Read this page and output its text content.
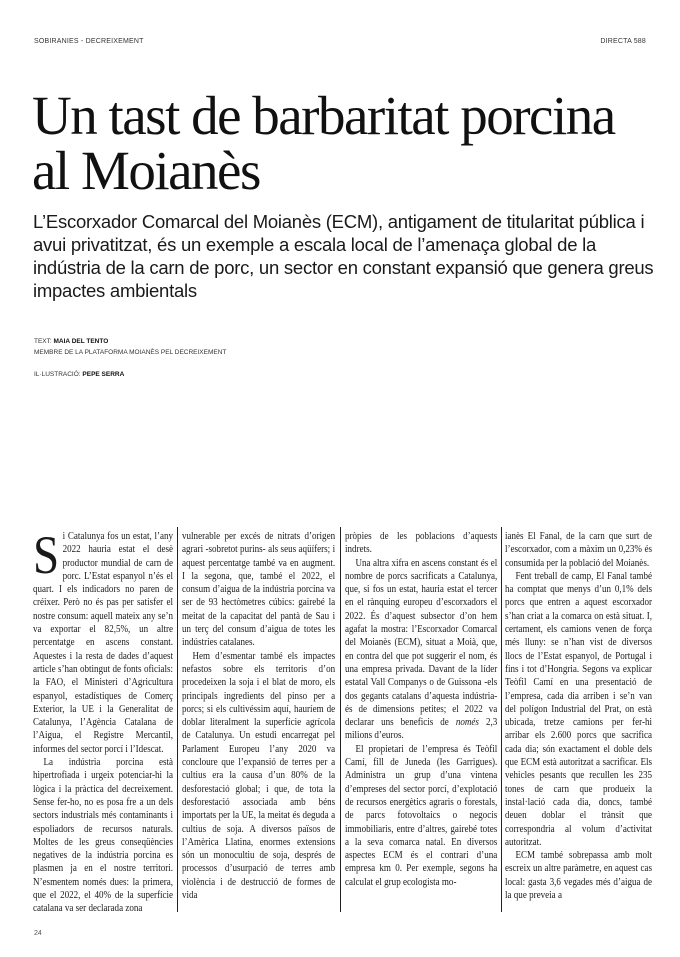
SOBIRANIES - DECREIXEMENT	DIRECTA 588
Un tast de barbaritat porcina al Moianès

L’Escorxador Comarcal del Moianès (ECM), antigament de titularitat pública i avui privatitzat, és un exemple a escala local de l’amenaça global de la indústria de la carn de porc, un sector en constant expansió que genera greus impactes ambientals

TEXT: MAIA DEL TENTO
MEMBRE DE LA PLATAFORMA MOIANÈS PEL DECREIXEMENT
IL·LUSTRACIÓ: PEPE SERRA

Si Catalunya fos un estat, l’any 2022 hauria estat el desè productor mundial de carn de porc. L’Estat espanyol n’és el quart. I els indicadors no paren de créixer. Però no és pas per satisfer el nostre consum: aquell mateix any se’n va exportar el 82,5%, un altre percentatge en ascens constant. Aquestes i la resta de dades d’aquest article s’han obtingut de fonts oficials: la FAO, el Ministeri d’Agricultura espanyol, estadístiques de Comerç Exterior, la UE i la Generalitat de Catalunya, l’Agència Catalana de l’Aigua, el Registre Mercantil, informes del sector porcí i l’Idescat.

La indústria porcina està hipertrofiada i urgeix potenciar-hi la lògica i la pràctica del decreixement. Sense fer-ho, no es posa fre a un dels sectors industrials més contaminants i espoliadors de recursos naturals. Moltes de les greus conseqüències negatives de la indústria porcina es plasmen ja en el nostre territori. N’esmentem només dues: la primera, que el 2022, el 40% de la superfície catalana va ser declarada zona

vulnerable per excés de nitrats d’origen agrari -sobretot purins- als seus aqüífers; i aquest percentatge també va en augment. I la segona, que, també el 2022, el consum d’aigua de la indústria porcina va ser de 93 hectòmetres cúbics: gairebé la meitat de la capacitat del pantà de Sau i un terç del consum d’aigua de totes les indústries catalanes.

Hem d’esmentar també els impactes nefastos sobre els territoris d’on procedeixen la soja i el blat de moro, els principals ingredients del pinso per a porcs; si els cultivéssim aquí, hauríem de doblar literalment la superfície agrícola de Catalunya. Un estudi encarregat pel Parlament Europeu l’any 2020 va concloure que l’expansió de terres per a cultius era la causa d’un 80% de la desforestació global; i que, de tota la desforestació associada amb béns importats per la UE, la meitat és deguda a cultius de soja. A diversos països de l’Amèrica Llatina, enormes extensions són un monocultiu de soja, després de processos d’usurpació de terres amb violència i de destrucció de formes de vida

pròpies de les poblacions d’aquests indrets.

Una altra xifra en ascens constant és el nombre de porcs sacrificats a Catalunya, que, si fos un estat, hauria estat el tercer en el rànquing europeu d’escorxadors el 2022. És d’aquest subsector d’on hem agafat la mostra: l’Escorxador Comarcal del Moianès (ECM), situat a Moià, que, en contra del que pot suggerir el nom, és una empresa privada. Davant de la líder estatal Vall Companys o de Guissona -els dos gegants catalans d’aquesta indústria- és de dimensions petites; el 2022 va declarar uns beneficis de només 2,3 milions d’euros.

El propietari de l’empresa és Teòfil Camí, fill de Juneda (les Garrigues). Administra un grup d’una vintena d’empreses del sector porcí, d’explotació de recursos energètics agraris o forestals, de parcs fotovoltaics o negocis immobiliaris, entre d’altres, gairebé totes a la seva comarca natal. En diversos aspectes ECM és el contrari d’una empresa km 0. Per exemple, segons ha calculat el grup ecologista mo-

ianès El Fanal, de la carn que surt de l’escorxador, com a màxim un 0,23% és consumida per la població del Moianès.

Fent treball de camp, El Fanal també ha comptat que menys d’un 0,1% dels porcs que entren a aquest escorxador s’han criat a la comarca on està situat. I, certament, els camions venen de força més lluny: se n’han vist de diversos llocs de l’Estat espanyol, de Portugal i fins i tot d’Hongria. Segons va explicar Teòfil Camí en una presentació de l’empresa, cada dia arriben i se’n van del polígon Industrial del Prat, on està ubicada, tretze camions per fer-hi arribar els 2.600 porcs que sacrifica cada dia; són exactament el doble dels que ECM està autoritzat a sacrificar. Els vehicles pesants que recullen les 235 tones de carn que produeix la instal·lació cada dia, doncs, també deuen doblar el trànsit que correspondria al volum d’activitat autoritzat.

ECM també sobrepassa amb molt escreix un altre paràmetre, en aquest cas local: gasta 3,6 vegades més d’aigua de la que preveia a

24
